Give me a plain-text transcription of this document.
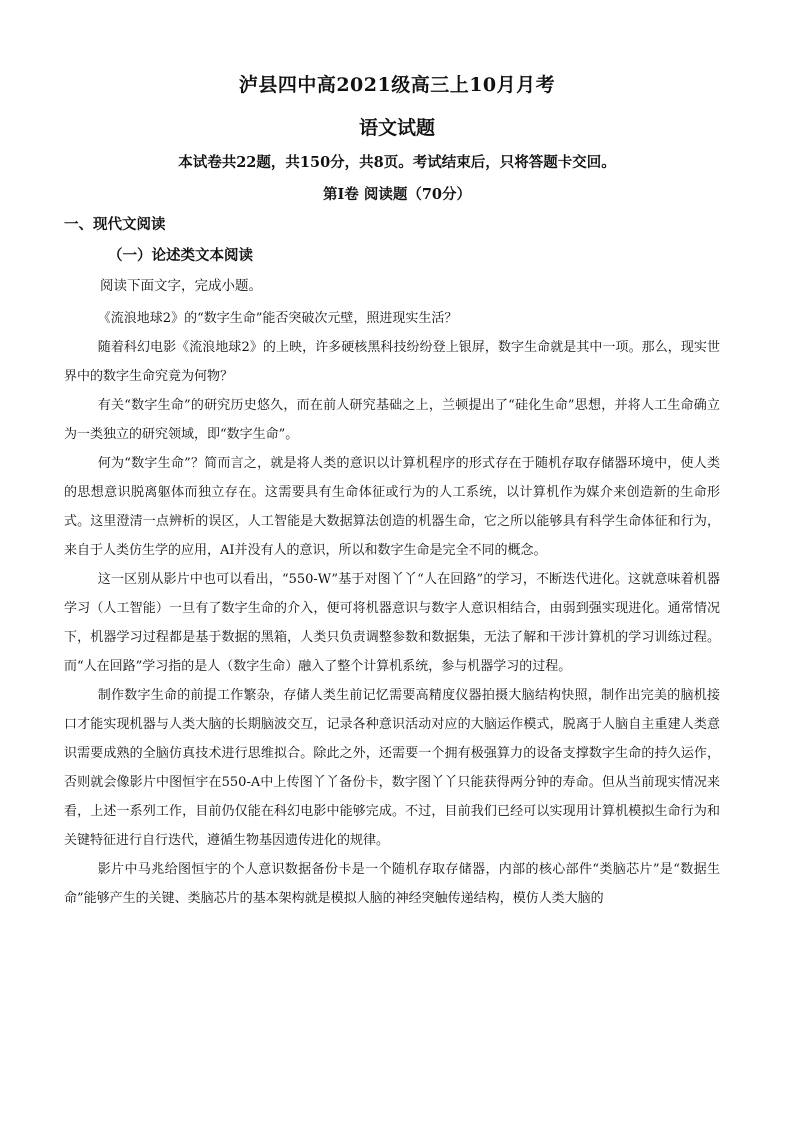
泸县四中高2021级高三上10月月考
语文试题
本试卷共22题，共150分，共8页。考试结束后，只将答题卡交回。
第Ⅰ卷 阅读题（70分）
一、现代文阅读
（一）论述类文本阅读
阅读下面文字，完成小题。

《流浪地球2》的“数字生命”能否突破次元壁，照进现实生活？

随着科幻电影《流浪地球2》的上映，许多硬核黑科技纷纷登上银屏，数字生命就是其中一项。那么，现实世界中的数字生命究竟为何物？

有关“数字生命”的研究历史悠久，而在前人研究基础之上，兰顿提出了“硅化生命”思想，并将人工生命确立为一类独立的研究领域，即“数字生命”。

何为“数字生命”？简而言之，就是将人类的意识以计算机程序的形式存在于随机存取存储器环境中，使人类的思想意识脱离躯体而独立存在。这需要具有生命体征或行为的人工系统，以计算机作为媒介来创造新的生命形式。这里澄清一点辨析的误区，人工智能是大数据算法创造的机器生命，它之所以能够具有科学生命体征和行为，来自于人类仿生学的应用，AI并没有人的意识，所以和数字生命是完全不同的概念。

这一区别从影片中也可以看出，“550-W”基于对图丫丫“人在回路”的学习，不断迭代进化。这就意味着机器学习（人工智能）一旦有了数字生命的介入，便可将机器意识与数字人意识相结合，由弱到强实现进化。通常情况下，机器学习过程都是基于数据的黑箱，人类只负责调整参数和数据集，无法了解和干涉计算机的学习训练过程。而“人在回路”学习指的是人（数字生命）融入了整个计算机系统，参与机器学习的过程。

制作数字生命的前提工作繁杂，存储人类生前记忆需要高精度仪器拍摄大脑结构快照，制作出完美的脑机接口才能实现机器与人类大脑的长期脑波交互，记录各种意识活动对应的大脑运作模式，脱离于人脑自主重建人类意识需要成熟的全脑仿真技术进行思维拟合。除此之外，还需要一个拥有极强算力的设备支撑数字生命的持久运作，否则就会像影片中图恒宇在550-A中上传图丫丫备份卡，数字图丫丫只能获得两分钟的寿命。但从当前现实情况来看，上述一系列工作，目前仍仅能在科幻电影中能够完成。不过，目前我们已经可以实现用计算机模拟生命行为和关键特征进行自行迭代，遵循生物基因遗传进化的规律。

影片中马兆给图恒宇的个人意识数据备份卡是一个随机存取存储器，内部的核心部件“类脑芯片”是“数据生命”能够产生的关键、类脑芯片的基本架构就是模拟人脑的神经突触传递结构，模仿人类大脑的
